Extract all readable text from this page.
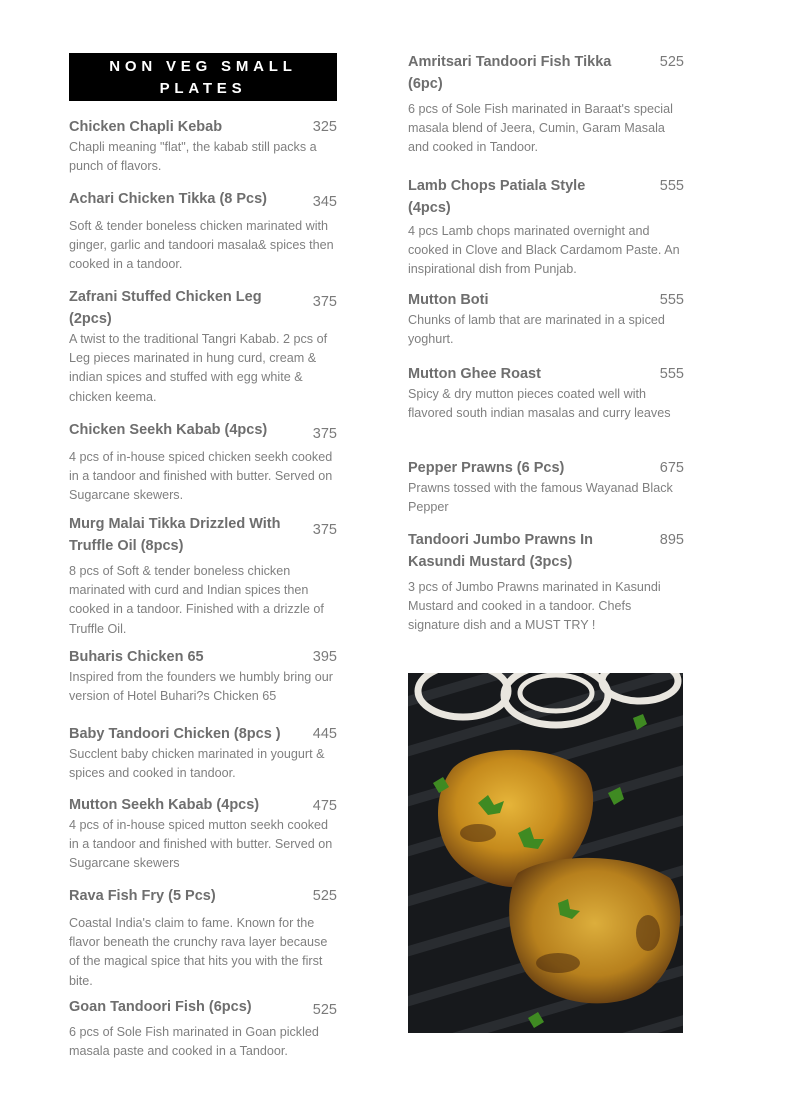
NON VEG SMALL PLATES
Chicken Chapli Kebab	325
Chapli meaning "flat", the kabab still packs a punch of flavors.
Achari Chicken Tikka (8 Pcs)	345
Soft & tender boneless chicken marinated with ginger, garlic and tandoori masala& spices then cooked in a tandoor.
Zafrani Stuffed Chicken Leg (2pcs)
375
A twist to the traditional Tangri Kabab. 2 pcs of Leg pieces marinated in hung curd, cream & indian spices and stuffed with egg white & chicken keema.
Chicken Seekh Kabab (4pcs)	375
4 pcs of in-house spiced chicken seekh cooked in a tandoor and finished with butter. Served on Sugarcane skewers.
Murg Malai Tikka Drizzled With Truffle Oil (8pcs)
375
8 pcs of Soft & tender boneless chicken marinated with curd and Indian spices then cooked in a tandoor. Finished with a drizzle of Truffle Oil.
Buharis Chicken 65	395
Inspired from the founders we humbly bring our version of Hotel Buhari?s Chicken 65
Baby Tandoori Chicken (8pcs )	445
Succlent baby chicken marinated in yougurt & spices and cooked in tandoor.
Mutton Seekh Kabab (4pcs)	475
4 pcs of in-house spiced mutton seekh cooked in a tandoor and finished with butter. Served on Sugarcane skewers
Rava Fish Fry (5 Pcs)	525
Coastal India's claim to fame. Known for the flavor beneath the crunchy rava layer because of the magical spice that hits you with the first bite.
Goan Tandoori Fish (6pcs)	525
6 pcs of Sole Fish marinated in Goan pickled masala paste and cooked in a Tandoor.
Amritsari Tandoori Fish Tikka (6pc)
525
6 pcs of Sole Fish marinated in Baraat's special masala blend of Jeera, Cumin, Garam Masala and cooked in Tandoor.
Lamb Chops Patiala Style (4pcs)
555
4 pcs Lamb chops marinated overnight and cooked in Clove and Black Cardamom Paste. An inspirational dish from Punjab.
Mutton Boti	555
Chunks of lamb that are marinated in a spiced yoghurt.
Mutton Ghee Roast	555
Spicy & dry mutton pieces coated well with flavored south indian masalas and curry leaves
Pepper Prawns (6 Pcs)	675
Prawns tossed with the famous Wayanad Black Pepper
Tandoori Jumbo Prawns In Kasundi Mustard (3pcs)
895
3 pcs of Jumbo Prawns marinated in Kasundi Mustard and cooked in a tandoor. Chefs signature dish and a MUST TRY !
